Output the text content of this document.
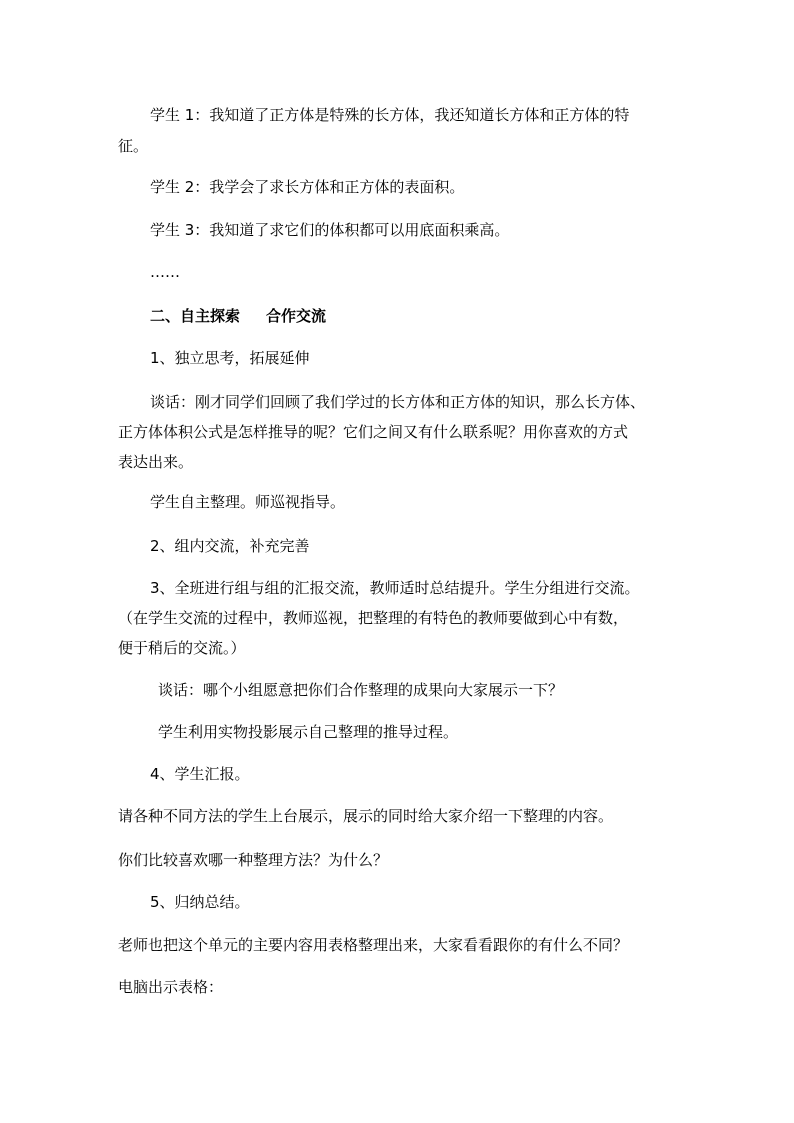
学生 1：我知道了正方体是特殊的长方体，我还知道长方体和正方体的特
征。
学生 2：我学会了求长方体和正方体的表面积。
学生 3：我知道了求它们的体积都可以用底面积乘高。
……
二、自主探索 合作交流
1、独立思考，拓展延伸
谈话：刚才同学们回顾了我们学过的长方体和正方体的知识，那么长方体、
正方体体积公式是怎样推导的呢？它们之间又有什么联系呢？用你喜欢的方式
表达出来。
学生自主整理。师巡视指导。
2、组内交流，补充完善
3、全班进行组与组的汇报交流，教师适时总结提升。学生分组进行交流。
（在学生交流的过程中，教师巡视，把整理的有特色的教师要做到心中有数，
便于稍后的交流。）
谈话：哪个小组愿意把你们合作整理的成果向大家展示一下？
学生利用实物投影展示自己整理的推导过程。
4、学生汇报。
请各种不同方法的学生上台展示，展示的同时给大家介绍一下整理的内容。
你们比较喜欢哪一种整理方法？为什么？
5、归纳总结。
老师也把这个单元的主要内容用表格整理出来，大家看看跟你的有什么不同？
电脑出示表格：
